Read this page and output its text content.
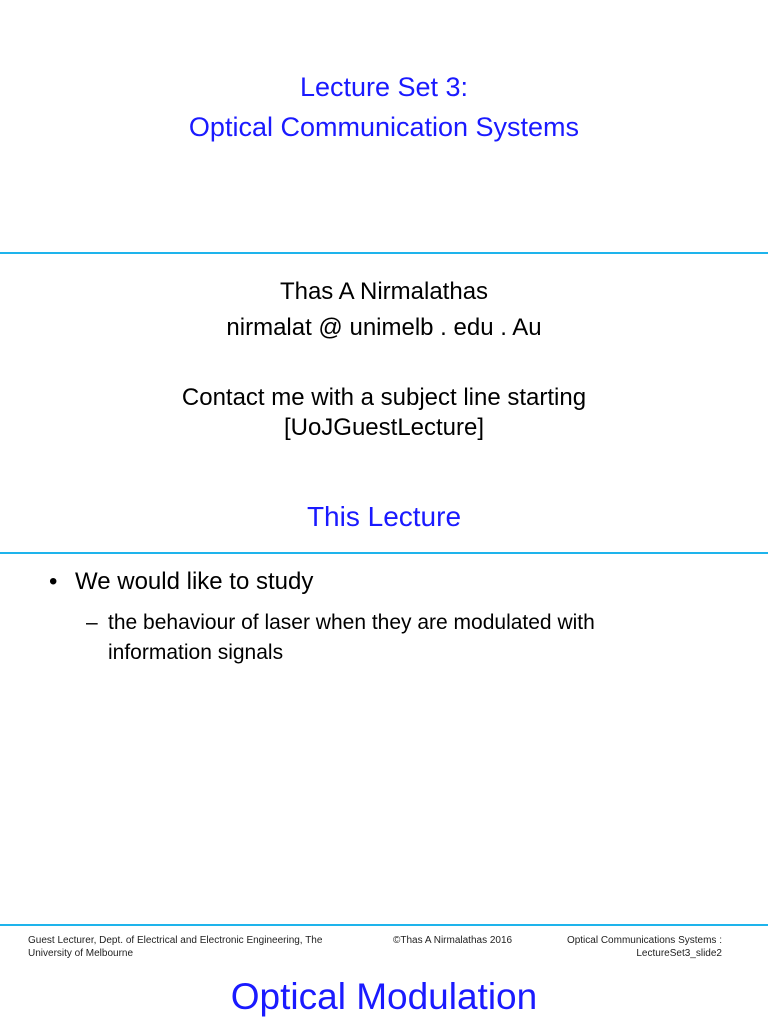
Lecture Set 3:
Optical Communication Systems
Thas A Nirmalathas
nirmalat @ unimelb . edu . Au
Contact me with a subject line starting
[UoJGuestLecture]
This Lecture
• We would like to study
– the behaviour of laser when they are modulated with
information signals
Guest Lecturer, Dept. of Electrical and Electronic Engineering, The
University of Melbourne
©Thas A Nirmalathas 2016	Optical Communications Systems :
LectureSet3_slide2
Optical Modulation
